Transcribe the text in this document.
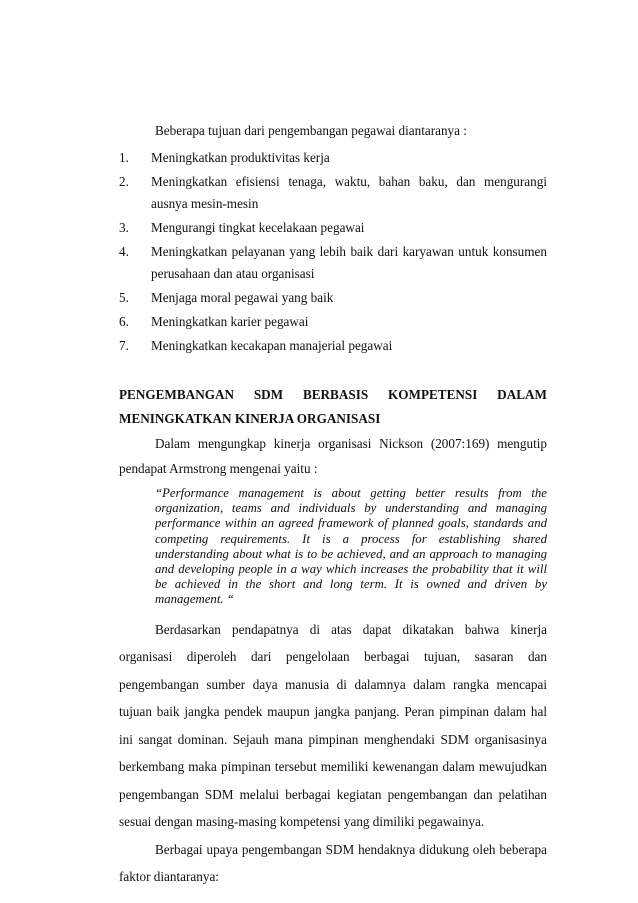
Beberapa tujuan dari pengembangan pegawai diantaranya :

1.	Meningkatkan produktivitas kerja
2.	Meningkatkan efisiensi tenaga, waktu, bahan baku, dan mengurangi ausnya mesin-mesin
3.	Mengurangi tingkat kecelakaan pegawai
4.	Meningkatkan pelayanan yang lebih baik dari karyawan untuk konsumen perusahaan dan atau organisasi
5.	Menjaga moral pegawai yang baik
6.	Meningkatkan karier pegawai
7.	Meningkatkan kecakapan manajerial pegawai
PENGEMBANGAN SDM BERBASIS KOMPETENSI DALAM
MENINGKATKAN KINERJA ORGANISASI

Dalam mengungkap kinerja organisasi Nickson (2007:169) mengutip pendapat Armstrong mengenai yaitu :

“Performance management is about getting better results from the organization, teams and individuals by understanding and managing performance within an agreed framework of planned goals, standards and competing requirements. It is a process for establishing shared understanding about what is to be achieved, and an approach to managing and developing people in a way which increases the probability that it will be achieved in the short and long term. It is owned and driven by management. “

Berdasarkan pendapatnya di atas dapat dikatakan bahwa kinerja organisasi diperoleh dari pengelolaan berbagai tujuan, sasaran dan pengembangan sumber daya manusia di dalamnya dalam rangka mencapai tujuan baik jangka pendek maupun jangka panjang. Peran pimpinan dalam hal ini sangat dominan. Sejauh mana pimpinan menghendaki SDM organisasinya berkembang maka pimpinan tersebut memiliki kewenangan dalam mewujudkan pengembangan SDM melalui berbagai kegiatan pengembangan dan pelatihan sesuai dengan masing-masing kompetensi yang dimiliki pegawainya.

Berbagai upaya pengembangan SDM hendaknya didukung oleh beberapa faktor diantaranya:
